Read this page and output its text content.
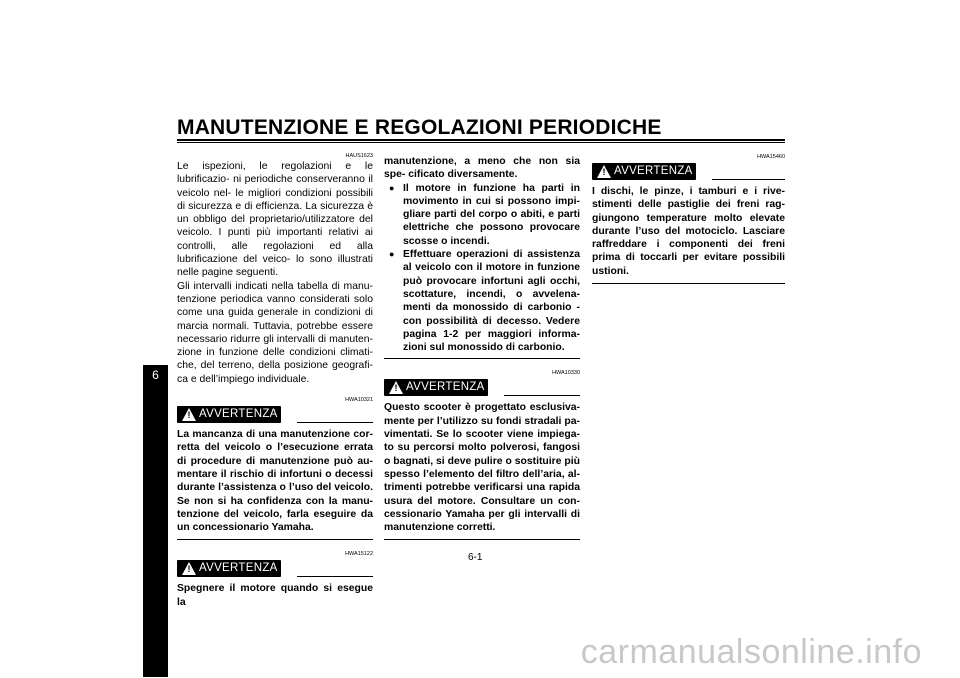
MANUTENZIONE E REGOLAZIONI PERIODICHE
6
HAUS1623

Le ispezioni, le regolazioni e le lubrificazio- ni periodiche conserveranno il veicolo nel- le migliori condizioni possibili di sicurezza e di efficienza. La sicurezza è un obbligo del proprietario/utilizzatore del veicolo. I punti più importanti relativi ai controlli, alle regolazioni ed alla lubrificazione del veico- lo sono illustrati nelle pagine seguenti.

Gli intervalli indicati nella tabella di manu- tenzione periodica vanno considerati solo come una guida generale in condizioni di marcia normali. Tuttavia, potrebbe essere necessario ridurre gli intervalli di manuten- zione in funzione delle condizioni climati- che, del terreno, della posizione geografi- ca e dell’impiego individuale.

HWA10321
! AVVERTENZA

La mancanza di una manutenzione cor- retta del veicolo o l’esecuzione errata di procedure di manutenzione può au- mentare il rischio di infortuni o decessi durante l’assistenza o l’uso del veicolo. Se non si ha confidenza con la manu- tenzione del veicolo, farla eseguire da un concessionario Yamaha.

HWA15122
! AVVERTENZA

Spegnere il motore quando si esegue la

manutenzione, a meno che non sia spe- cificato diversamente.

● Il motore in funzione ha parti in movimento in cui si possono impi- gliare parti del corpo o abiti, e parti elettriche che possono provocare scosse o incendi.
● Effettuare operazioni di assistenza al veicolo con il motore in funzione può provocare infortuni agli occhi, scottature, incendi, o avvelena- menti da monossido di carbonio - con possibilità di decesso. Vedere pagina 1-2 per maggiori informa- zioni sul monossido di carbonio.
HWA10330
! AVVERTENZA

Questo scooter è progettato esclusiva- mente per l’utilizzo su fondi stradali pa- vimentati. Se lo scooter viene impiega- to su percorsi molto polverosi, fangosi o bagnati, si deve pulire o sostituire più spesso l’elemento del filtro dell’aria, al- trimenti potrebbe verificarsi una rapida usura del motore. Consultare un con- cessionario Yamaha per gli intervalli di manutenzione corretti.

HWA15460
! AVVERTENZA

I dischi, le pinze, i tamburi e i rive- stimenti delle pastiglie dei freni rag- giungono temperature molto elevate durante l’uso del motociclo. Lasciare raffreddare i componenti dei freni prima di toccarli per evitare possibili ustioni.

6-1
carmanualsonline.info
